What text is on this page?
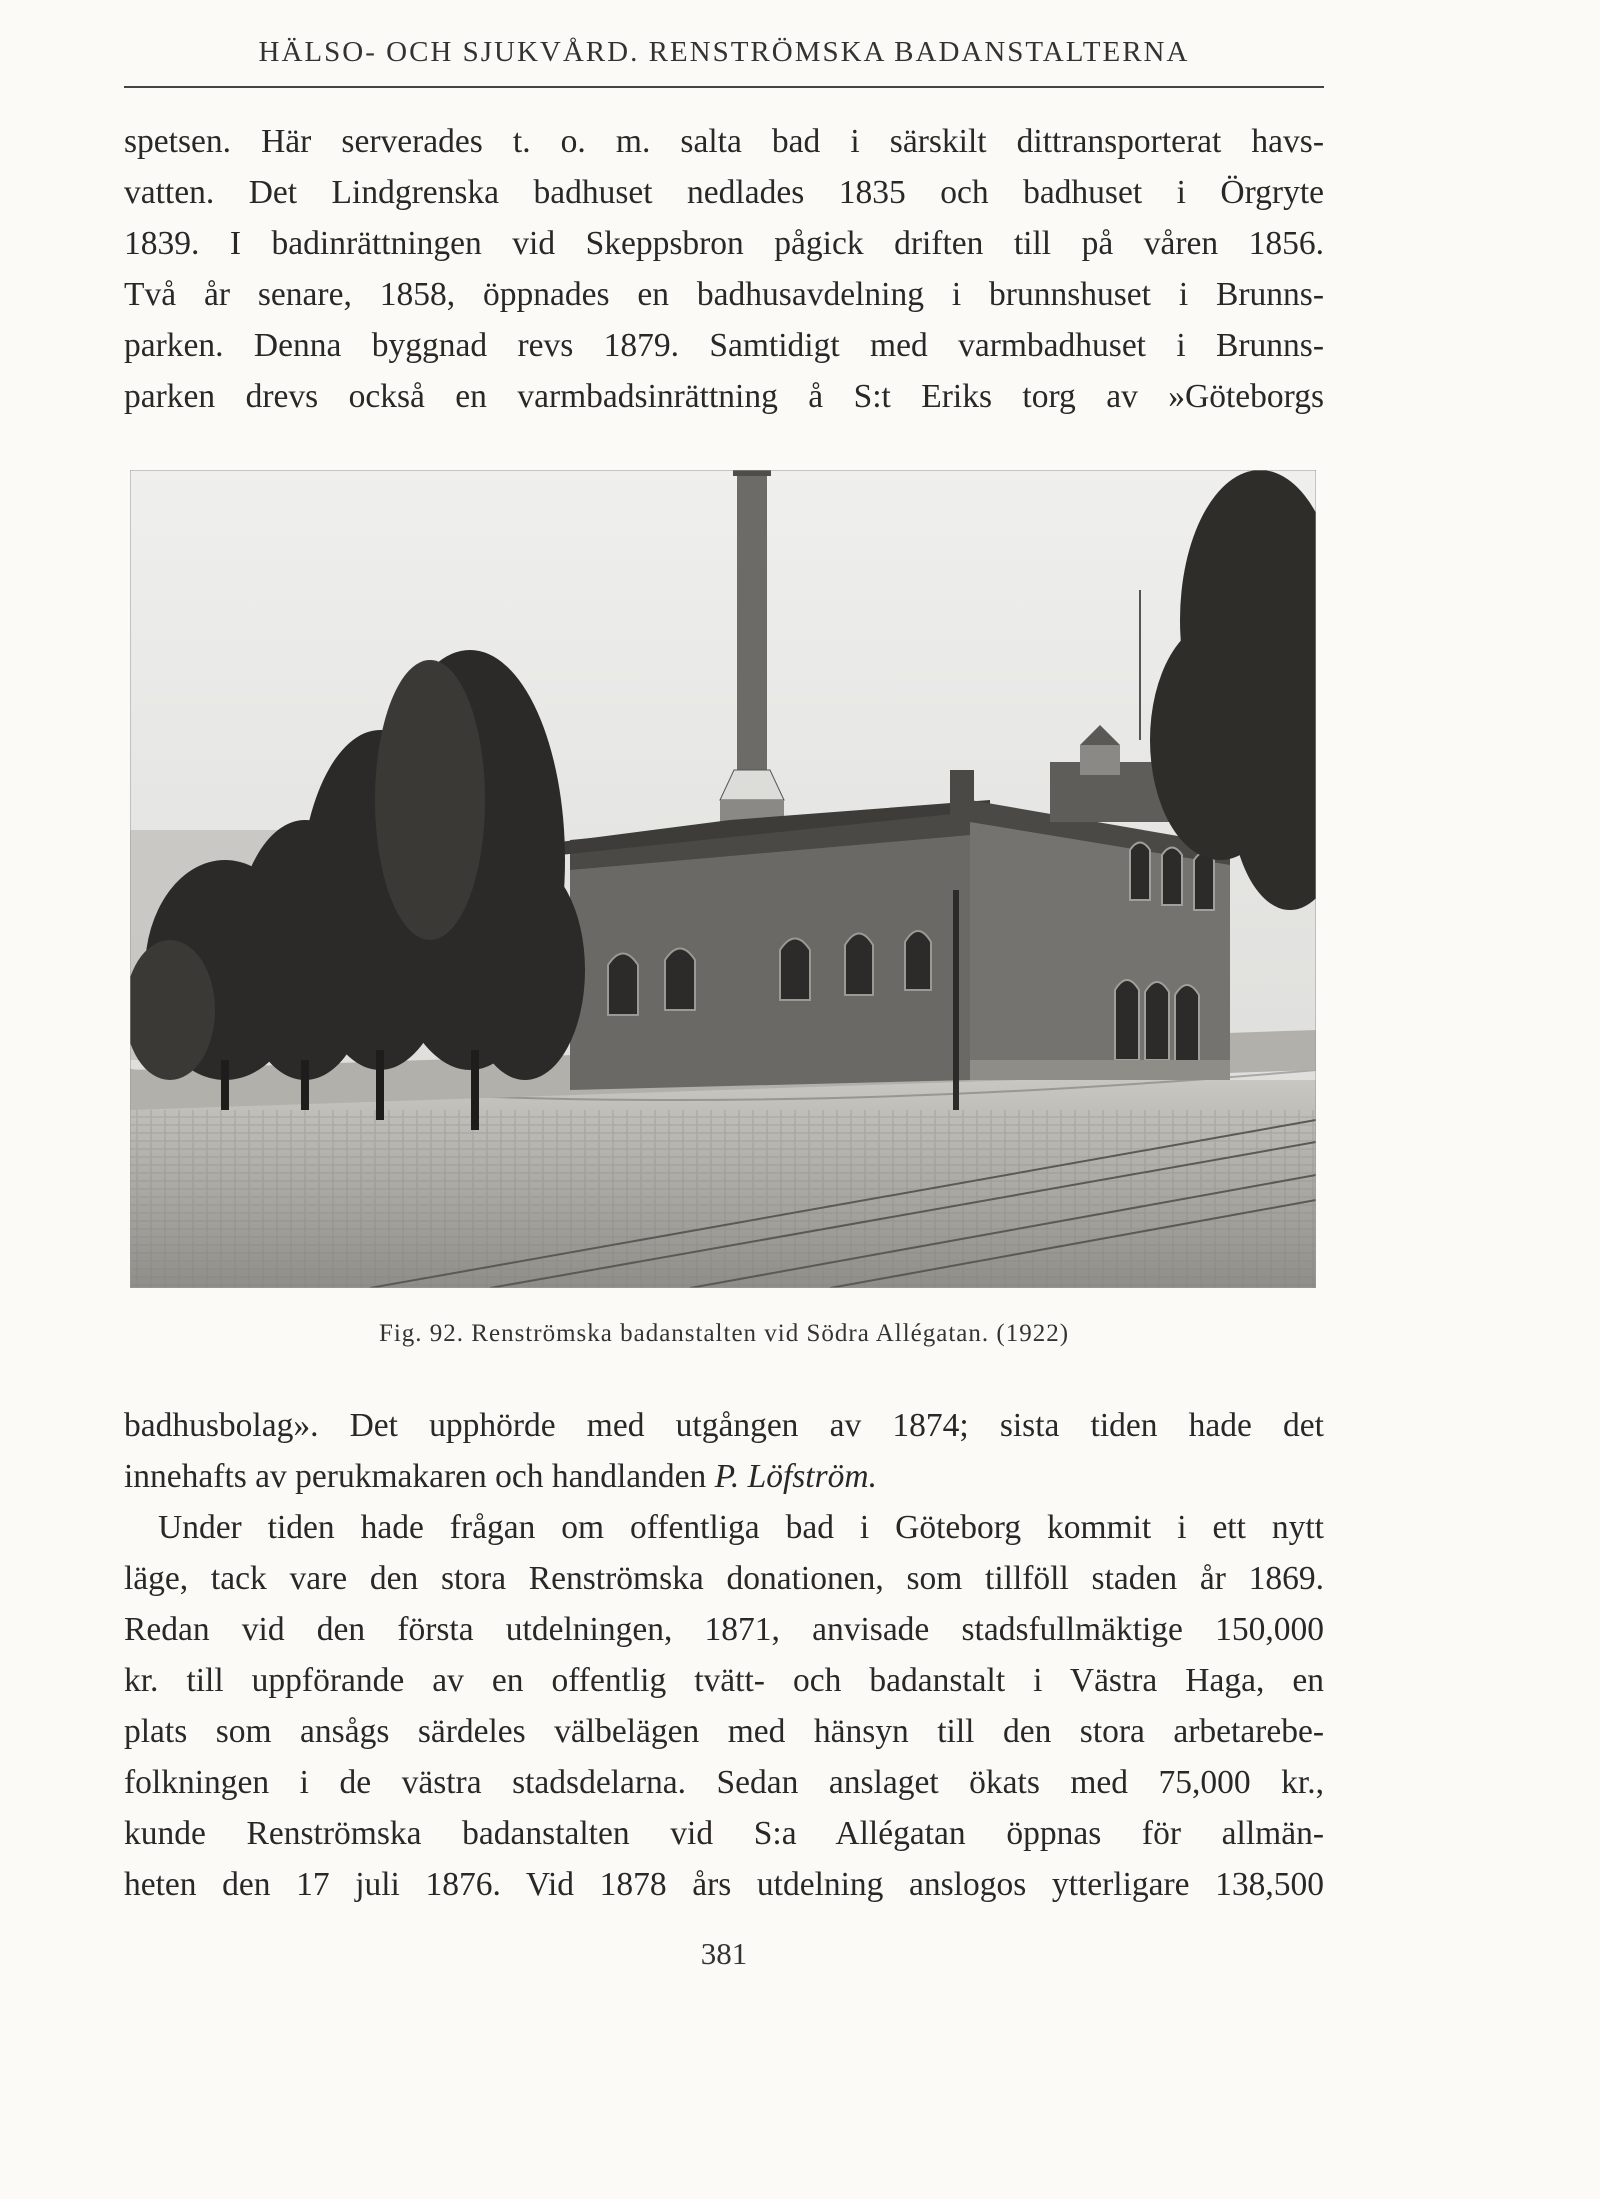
HÄLSO- OCH SJUKVÅRD. RENSTRÖMSKA BADANSTALTERNA
spetsen. Här serverades t. o. m. salta bad i särskilt dittransporterat havs-
vatten. Det Lindgrenska badhuset nedlades 1835 och badhuset i Örgryte
1839. I badinrättningen vid Skeppsbron pågick driften till på våren 1856.
Två år senare, 1858, öppnades en badhusavdelning i brunnshuset i Brunns-
parken. Denna byggnad revs 1879. Samtidigt med varmbadhuset i Brunns-
parken drevs också en varmbadsinrättning å S:t Eriks torg av »Göteborgs
Fig. 92. Renströmska badanstalten vid Södra Allégatan. (1922)
badhusbolag». Det upphörde med utgången av 1874; sista tiden hade det
innehafts av perukmakaren och handlanden P. Löfström.
Under tiden hade frågan om offentliga bad i Göteborg kommit i ett nytt
läge, tack vare den stora Renströmska donationen, som tillföll staden år 1869.
Redan vid den första utdelningen, 1871, anvisade stadsfullmäktige 150,000
kr. till uppförande av en offentlig tvätt- och badanstalt i Västra Haga, en
plats som ansågs särdeles välbelägen med hänsyn till den stora arbetarebe-
folkningen i de västra stadsdelarna. Sedan anslaget ökats med 75,000 kr.,
kunde Renströmska badanstalten vid S:a Allégatan öppnas för allmän-
heten den 17 juli 1876. Vid 1878 års utdelning anslogos ytterligare 138,500
381
